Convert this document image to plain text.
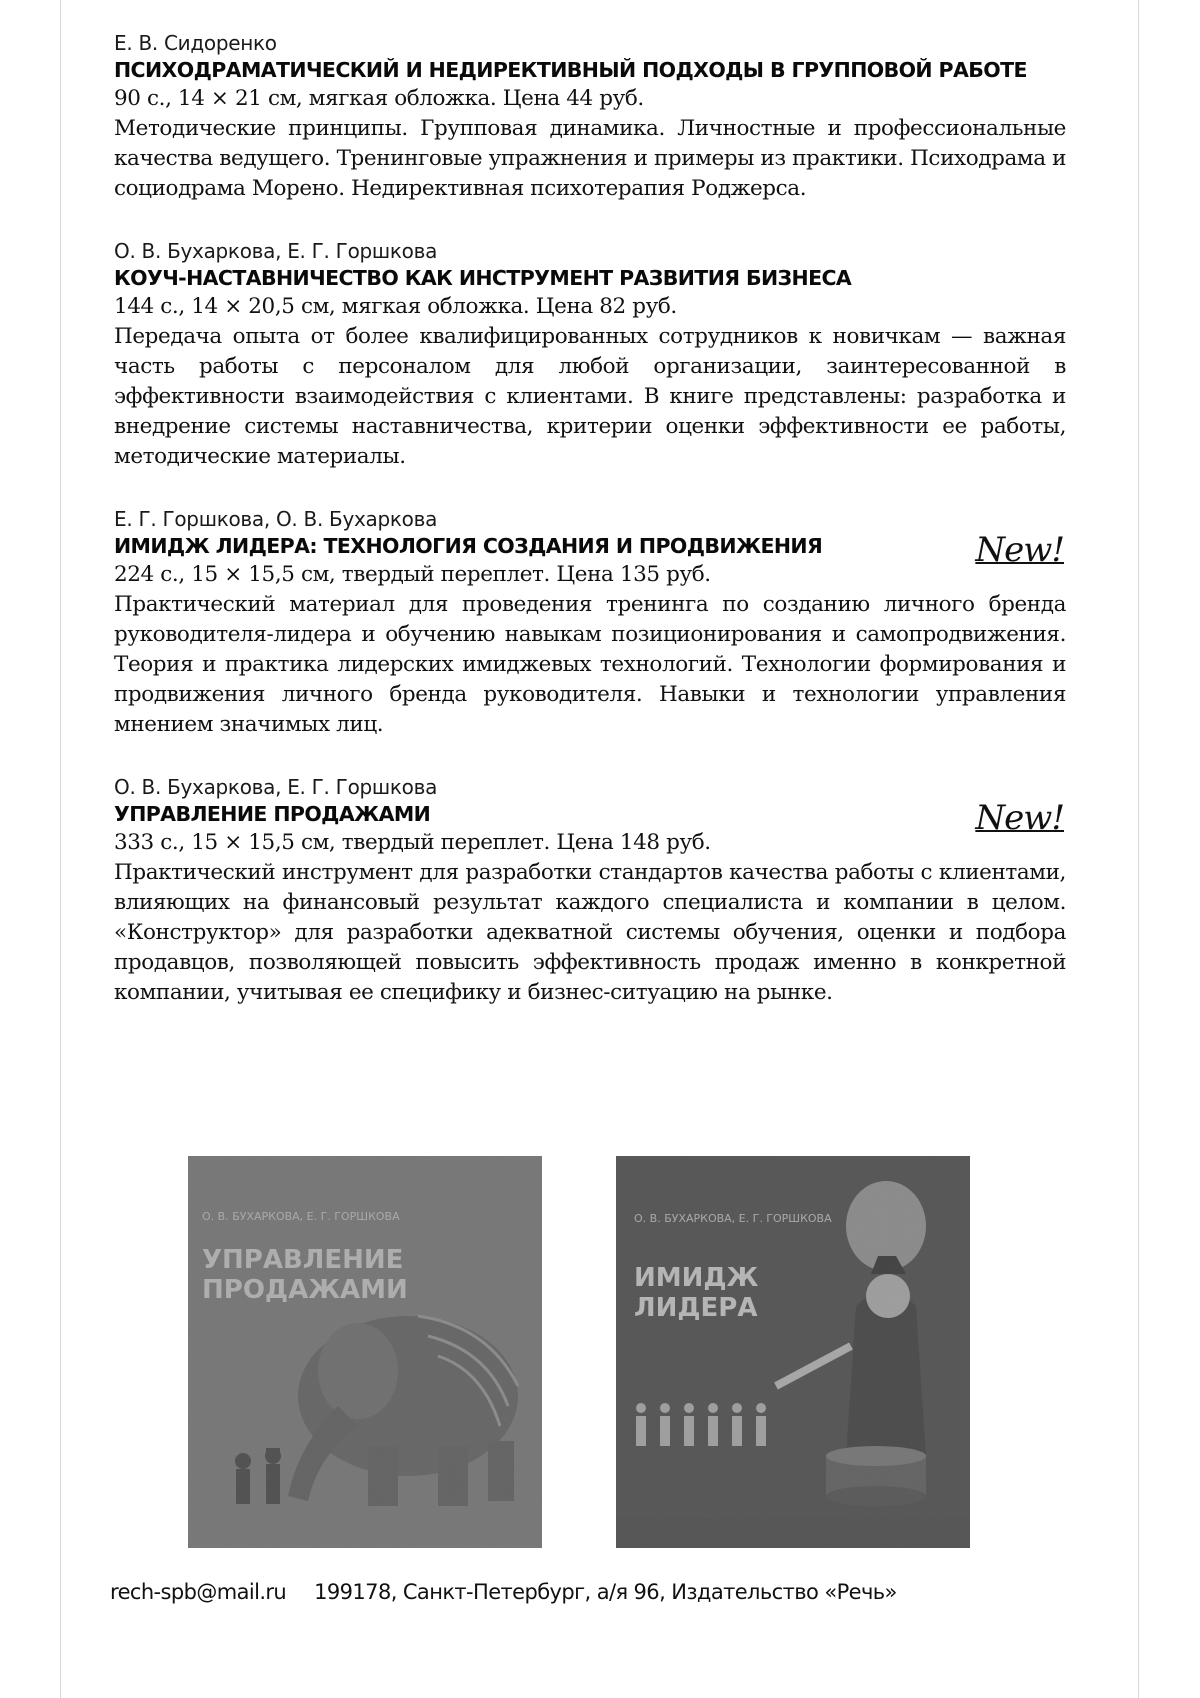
Е. В. Сидоренко
ПСИХОДРАМАТИЧЕСКИЙ И НЕДИРЕКТИВНЫЙ ПОДХОДЫ В ГРУППОВОЙ РАБОТЕ
90 с., 14 × 21 см, мягкая обложка. Цена 44 руб.
Методические принципы. Групповая динамика. Личностные и профессиональные качества ведущего. Тренинговые упражнения и примеры из практики. Психодрама и социодрама Морено. Недирективная психотерапия Роджерса.
О. В. Бухаркова, Е. Г. Горшкова
КОУЧ-НАСТАВНИЧЕСТВО КАК ИНСТРУМЕНТ РАЗВИТИЯ БИЗНЕСА
144 с., 14 × 20,5 см, мягкая обложка. Цена 82 руб.
Передача опыта от более квалифицированных сотрудников к новичкам — важная часть работы с персоналом для любой организации, заинтересованной в эффективности взаимодействия с клиентами. В книге представлены: разработка и внедрение системы наставничества, критерии оценки эффективности ее работы, методические материалы.
New!
Е. Г. Горшкова, О. В. Бухаркова
ИМИДЖ ЛИДЕРА: ТЕХНОЛОГИЯ СОЗДАНИЯ И ПРОДВИЖЕНИЯ
224 с., 15 × 15,5 см, твердый переплет. Цена 135 руб.
Практический материал для проведения тренинга по созданию личного бренда руководителя-лидера и обучению навыкам позиционирования и самопродвижения. Теория и практика лидерских имиджевых технологий. Технологии формирования и продвижения личного бренда руководителя. Навыки и технологии управления мнением значимых лиц.
New!
О. В. Бухаркова, Е. Г. Горшкова
УПРАВЛЕНИЕ ПРОДАЖАМИ
333 с., 15 × 15,5 см, твердый переплет. Цена 148 руб.
Практический инструмент для разработки стандартов качества работы с клиентами, влияющих на финансовый результат каждого специалиста и компании в целом. «Конструктор» для разработки адекватной системы обучения, оценки и подбора продавцов, позволяющей повысить эффективность продаж именно в конкретной компании, учитывая ее специфику и бизнес-ситуацию на рынке.
О. В. БУХАРКОВА, Е. Г. ГОРШКОВА
УПРАВЛЕНИЕ
ПРОДАЖАМИ
О. В. БУХАРКОВА, Е. Г. ГОРШКОВА
ИМИДЖ
ЛИДЕРА
rech-spb@mail.ru 199178, Санкт-Петербург, а/я 96, Издательство «Речь»
